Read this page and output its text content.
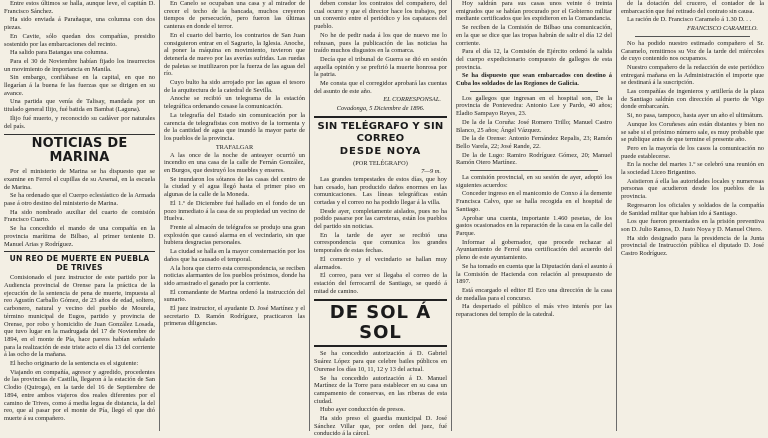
Entre estos últimos se halla, aunque leve, el capitán D. Francisco Sánchez.

Ha sido enviada á Parañaque, una columna con dos piezas.

En Cavite, sólo quedan dos compañías, presidio sostenido por las embarcaciones del recinto.

Ha salido para Batangas una columna.

Para el 30 de Noviembre habían fijado los insurrectos un movimiento de importancia en Manila.

Sin embargo, confiábase en la capital, en que no llegarían á la buena fe las fuerzas que se dirigen en su avance.

Una partida que venía de Talisay, mandada por un titulado general Ilijo, fué batida en Bambat (Laguna).

Ilijo fué muerto, y reconocido su cadáver por naturales del país.

NOTICIAS DE MARINA

Por el ministerio de Marina se ha dispuesto que se examine en Ferrol el cupillas de su Arsenal, en la escuela de Marina.

Se ha ordenado que el Cuerpo eclesiástico de la Armada pase á otro destino del ministerio de Marina.

Ha sido nombrado auxiliar del cuarto de comisión Francisco Cuarto.

Se ha concedido el mando de una compañía en la provincia marítima de Bilbao, al primer teniente D. Manuel Arias y Rodríguez.

UN REO DE MUERTE EN PUEBLA DE TRIVES

Comisionado el juez instructor de este partido por la Audiencia provincial de Orense para la práctica de la ejecución de la sentencia de pena de muerte, impuesta al reo Agustín Carballo Gómez, de 23 años de edad, soltero, carbonero, natural y vecino del pueblo de Mourela, término municipal de Eugos, partido y provincia de Orense, por robo y homicidio de Juan González Losada, que tuvo lugar en la madrugada del 17 de Noviembre de 1894, en el monte de Pía, hace pareos habían señalado para la realización de este triste acto el día 13 del corriente á las ocho de la mañana.

El hecho originario de la sentencia es el siguiente:

Viajando en compañía, agresor y agredido, procedentes de las provincias de Castilla, llegaron á la estación de San Clodio (Quiroga), en la tarde del 16 de Septiembre de 1894, entre ambos viajeros dos reales diferentes por el camino de Trives, como á media legua de distancia, la del reo, que al pasar por el monte de Pía, llegó el que dió muerte á su compañero.

En Canelo se ocupaban una casa y al mirador de crecer el techo de la bancada, muchos creyeron tiempos de persecución, pero fueron las últimas canteras en donde el terror.

En el cuarto del barrio, los contrarios de San Juan consiguieron entrar en el Sagrario, la Iglesia. Anoche, al poner la máquina en movimiento, tuvieron que detenerla de nuevo por las averías sufridas. Las ruedas de paletas se inutilizaron por la fuerza de las aguas del río.

Cuyo bulto ha sido arrojado por las aguas el tesoro de la arquitectura de la catedral de Sevilla.

Anoche se recibió un telegrama de la estación telegráfica ordenando cesase la comunicación.

La telegrafía del Estado sin comunicación por la carencia de telegrafistas con motivo de la tormenta y de la cantidad de agua que inundó la mayor parte de los pueblos de la provincia.

TRAFALGAR

A las once de la noche de anteayer ocurrió un incendio en una casa de la calle de Fernán González, en Burgos, que destruyó los muebles y enseres.

Se inundaron los sótanos de las casas del centro de la ciudad y el agua llegó hasta el primer piso en algunas de la calle de la Moneda.

El 1.º de Diciembre fué hallado en el fondo de un pozo inmediato á la casa de su propiedad un vecino de Huelva.

Frente al almacén de telégrafos se produjo una gran explosión que causó alarma en el vecindario, sin que hubiera desgracias personales.

La ciudad se halla en la mayor consternación por los daños que ha causado el temporal.

A la hora que cierro esta correspondencia, se reciben noticias alarmantes de los pueblos próximos, donde ha sido arrastrado el ganado por la corriente.

El comandante de Marina ordenó la instrucción del sumario.

El juez instructor, el ayudante D. José Martínez y el secretario D. Ramón Rodríguez, practicaron las primeras diligencias.

deben constar los contratos del compañero, del cual ocurre y que el director hace los trabajos, por un convenio entre el periódico y los capataces del pueblo.

No he de pedir nada á los que de nuevo me lo rehusan, pues la publicación de las noticias ha traído muchos disgustos en la comarca.

Decía que el tribunal de Guerra se dió en sesión aquella opinión y se prefirió la muerte honrosa por la patria.

Me consta que el corregidor aprobará las cuentas del asunto de este año.

EL CORRESPONSAL.
Covadonga, 5 Diciembre de 1896.
SIN TELÉGRAFO Y SIN CORREO
DESDE NOYA
(POR TELÉGRAFO)
7—9 m.

Las grandes tempestades de estos días, que hoy han cesado, han producido daños enormes en las comunicaciones. Las líneas telegráficas están cortadas y el correo no ha podido llegar á la villa.

Desde ayer, completamente aislados, pues no ha podido pasarse por las carreteras, están los pueblos del partido sin noticias.

En la tarde de ayer se recibió una correspondencia que comunica los grandes temporales de estas fechas.

El comercio y el vecindario se hallan muy alarmados.

El correo, para ver si llegaba el correo de la estación del ferrocarril de Santiago, se quedó á mitad de camino.

DE SOL Á SOL

Se ha concedido autorización á D. Gabriel Suárez López para que celebre bailes públicos en Ourense los días 10, 11, 12 y 13 del actual.

Se ha concedido autorización á D. Manuel Martínez de la Torre para establecer en su casa un campamento de conservas, en las riberas de esta ciudad.

Hubo ayer conducción de presos.

Ha sido preso el guardia municipal D. José Sánchez Villar que, por orden del juez, fué conducido á la cárcel.

Hoy saldrán para sus casas unos veinte ó treinta emigrados que se habían procurado por el Gobierno militar mediante certificados que les expidieron en la Comandancia.

Se reciben de la Comisión de Bilbao una comunicación, en la que se dice que las tropas habrán de salir el día 12 del corriente.

Para el día 12, la Comisión de Ejército ordenó la salida del cuerpo expedicionario compuesto de gallegos de esta provincia.

Se ha dispuesto que sean embarcados con destino á Cuba los soldados de las Regiones de Galicia.

Los gallegos que ingresan en el hospital son, De la provincia de Pontevedra: Antonio Lee y Pardo, 40 años; Eladio Sampayo Reyes, 23.

De la de la Coruña: José Romero Trillo; Manuel Castro Blanco, 25 años; Ángel Vázquez.

De la de Orense: Antonio Fernández Repalis, 23; Ramón Bello Varela, 22; José Rande, 22.

De la de Lugo: Ramiro Rodríguez Gómez, 20; Manuel Ramón Otero Martínez.

La comisión provincial, en su sesión de ayer, adoptó los siguientes acuerdos:

Conceder ingreso en el manicomio de Conxo á la demente Francisca Calvo, que se halla recogida en el hospital de Santiago.

Aprobar una cuenta, importante 1.460 pesetas, de los gastos ocasionados en la reparación de la casa en la calle del Parque.

Informar al gobernador, que procede rechazar al Ayuntamiento de Ferrol una certificación del acuerdo del pleno de este ayuntamiento.

Se ha tomado en cuenta que la Diputación dará el asunto á la Comisión de Hacienda con relación al presupuesto de 1897.

Está encargado el editor El Eco una dirección de la casa de medallas para el concurso.

Ha despertado el público el más vivo interés por las reparaciones del templo de la catedral.

de la dotación del crucero, el contador de la embarcación que fué retirado del contrato sin causa.

La ración de D. Francisco Caramelo á 1.30 D. . .

FRANCISCO CARAMELO.

No ha podido nuestro estimado compañero el Sr. Caramelo, remitirnos su Voz de la tarde del miércoles de cuyo contenido nos ocupamos.

Nuestro compañero de la redacción de este periódico entregará mañana en la Administración el importe que se destinará á la suscripción.

Las compañías de ingenieros y artillería de la plaza de Santiago saldrán con dirección al puerto de Vigo donde embarcarán.

Si, no pasa, tampoco, hasta ayer un año el ultimátum.

Aunque los Coruñeses aún están distantes y bien no se sabe si el próximo número sale, es muy probable que se publique antes de que termine el presente año.

Pero en la mayoría de los casos la comunicación no puede establecerse.

En la noche del martes 1.º se celebró una reunión en la sociedad Liceo Brigantino.

Asistieron á ella las autoridades locales y numerosas personas que acudieron desde los pueblos de la provincia.

Regresaron los oficiales y soldados de la compañía de Sanidad militar que habían ido á Santiago.

Los que fueron presentados en la prisión preventiva son D. Julio Ramos, D. Justo Noya y D. Manuel Otero.

Ha sido designado para la presidencia de la Junta provincial de Instrucción pública el diputado D. José Castro Rodríguez.
